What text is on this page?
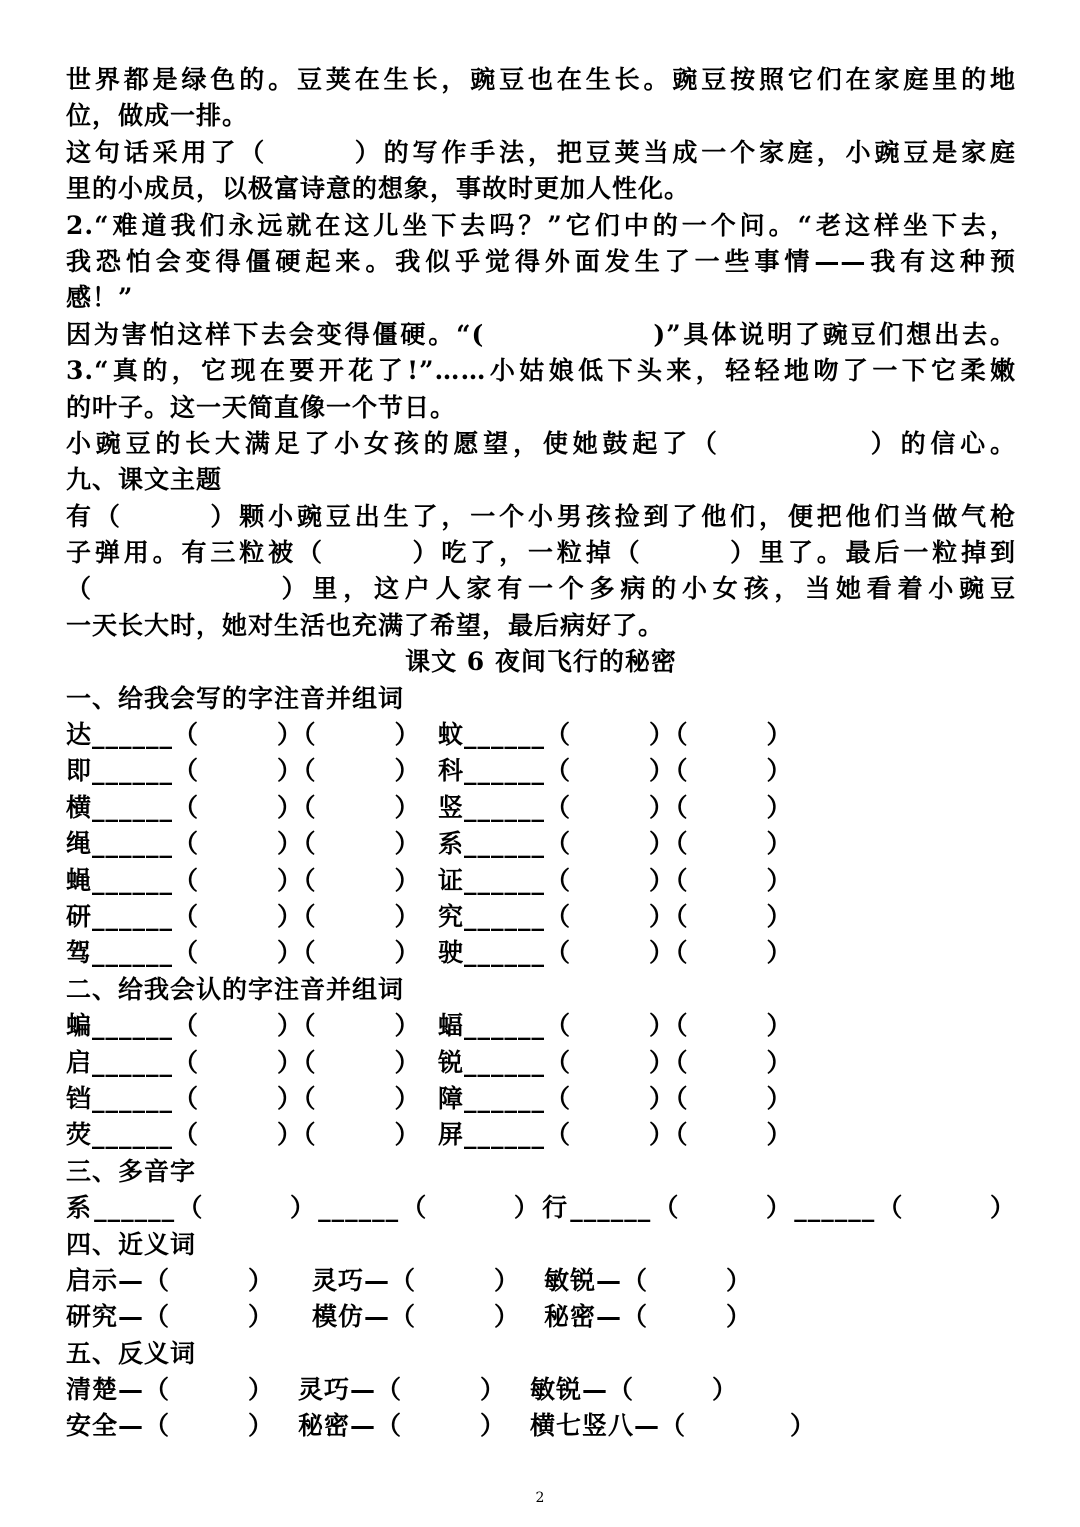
世界都是绿色的。豆荚在生长，豌豆也在生长。豌豆按照它们在家庭里的地
位，做成一排。
这句话采用了（　　　）的写作手法，把豆荚当成一个家庭，小豌豆是家庭
里的小成员，以极富诗意的想象，事故时更加人性化。
2.“难道我们永远就在这儿坐下去吗？”它们中的一个问。“老这样坐下去，
我恐怕会变得僵硬起来。我似乎觉得外面发生了一些事情——我有这种预
感！”
因为害怕这样下去会变得僵硬。“(　　　　　　)”具体说明了豌豆们想出去。
3.“真的，它现在要开花了!”……小姑娘低下头来，轻轻地吻了一下它柔嫩
的叶子。这一天简直像一个节日。
小豌豆的长大满足了小女孩的愿望，使她鼓起了（　　　　　）的信心。
九、课文主题
有（　　　）颗小豌豆出生了，一个小男孩捡到了他们，便把他们当做气枪
子弹用。有三粒被（　　　）吃了，一粒掉（　　　）里了。最后一粒掉到
（　　　　　　）里，这户人家有一个多病的小女孩，当她看着小豌豆
一天长大时，她对生活也充满了希望，最后病好了。
课文 6 夜间飞行的秘密
一、给我会写的字注音并组词
达______（　　　）（　　　） 蚊______（　　　）（　　　）
即______（　　　）（　　　） 科______（　　　）（　　　）
横______（　　　）（　　　） 竖______（　　　）（　　　）
绳______（　　　）（　　　） 系______（　　　）（　　　）
蝇______（　　　）（　　　） 证______（　　　）（　　　）
研______（　　　）（　　　） 究______（　　　）（　　　）
驾______（　　　）（　　　） 驶______（　　　）（　　　）
二、给我会认的字注音并组词
蝙______（　　　）（　　　） 蝠______（　　　）（　　　）
启______（　　　）（　　　） 锐______（　　　）（　　　）
铛______（　　　）（　　　） 障______（　　　）（　　　）
荧______（　　　）（　　　） 屏______（　　　）（　　　）
三、多音字
系______（　　　）______（　　　）行______（　　　）______（　　　）
四、近义词
启示—（　　　）	灵巧—（　　　） 敏锐—（　　　）
研究—（　　　）	模仿—（　　　） 秘密—（　　　）
五、反义词
清楚—（　　　） 灵巧—（　　　） 敏锐—（　　　）
安全—（　　　） 秘密—（　　　） 横七竖八—（　　　　）
2
